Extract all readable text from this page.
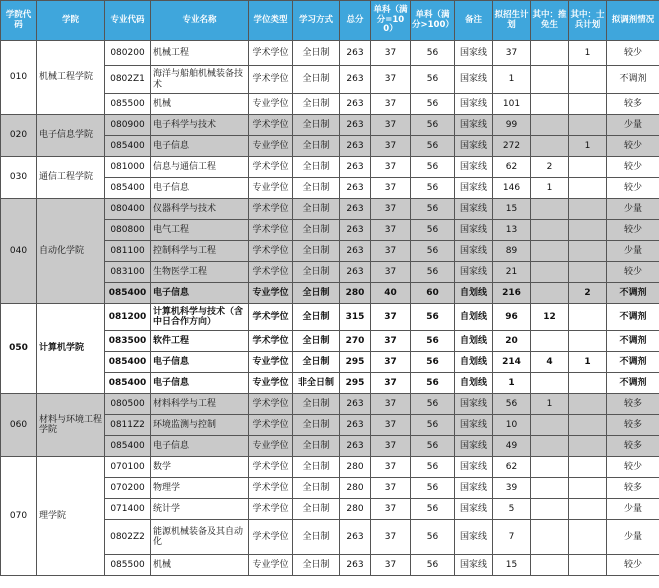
学院代码	学院	专业代码	专业名称	学位类型	学习方式	总分	单科（满分=100）	单科（满分>100）	备注	拟招生计划	其中：推免生	其中：士兵计划	拟调剂情况
010	机械工程学院	080200	机械工程	学术学位	全日制	263	37	56	国家线	37		1	较少
		0802Z1	海洋与船舶机械装备技术	学术学位	全日制	263	37	56	国家线	1			不调剂
		085500	机械	专业学位	全日制	263	37	56	国家线	101			较多
020	电子信息学院	080900	电子科学与技术	学术学位	全日制	263	37	56	国家线	99			少量
		085400	电子信息	专业学位	全日制	263	37	56	国家线	272		1	较少
030	通信工程学院	081000	信息与通信工程	学术学位	全日制	263	37	56	国家线	62	2		较少
		085400	电子信息	专业学位	全日制	263	37	56	国家线	146	1		较少
040	自动化学院	080400	仪器科学与技术	学术学位	全日制	263	37	56	国家线	15			少量
		080800	电气工程	学术学位	全日制	263	37	56	国家线	13			较少
		081100	控制科学与工程	学术学位	全日制	263	37	56	国家线	89			少量
		083100	生物医学工程	学术学位	全日制	263	37	56	国家线	21			较少
		085400	电子信息	专业学位	全日制	280	40	60	自划线	216		2	不调剂
050	计算机学院	081200	计算机科学与技术（含中日合作方向）	学术学位	全日制	315	37	56	自划线	96	12		不调剂
		083500	软件工程	学术学位	全日制	270	37	56	自划线	20			不调剂
		085400	电子信息	专业学位	全日制	295	37	56	自划线	214	4	1	不调剂
		085400	电子信息	专业学位	非全日制	295	37	56	自划线	1			不调剂
060	材料与环境工程学院	080500	材料科学与工程	学术学位	全日制	263	37	56	国家线	56	1		较多
		0811Z2	环境监测与控制	学术学位	全日制	263	37	56	国家线	10			较多
		085400	电子信息	专业学位	全日制	263	37	56	国家线	49			较多
070	理学院	070100	数学	学术学位	全日制	280	37	56	国家线	62			较少
		070200	物理学	学术学位	全日制	280	37	56	国家线	39			较多
		071400	统计学	学术学位	全日制	280	37	56	国家线	5			少量
		0802Z2	能源机械装备及其自动化	学术学位	全日制	263	37	56	国家线	7			少量
		085500	机械	专业学位	全日制	263	37	56	国家线	15			较少
